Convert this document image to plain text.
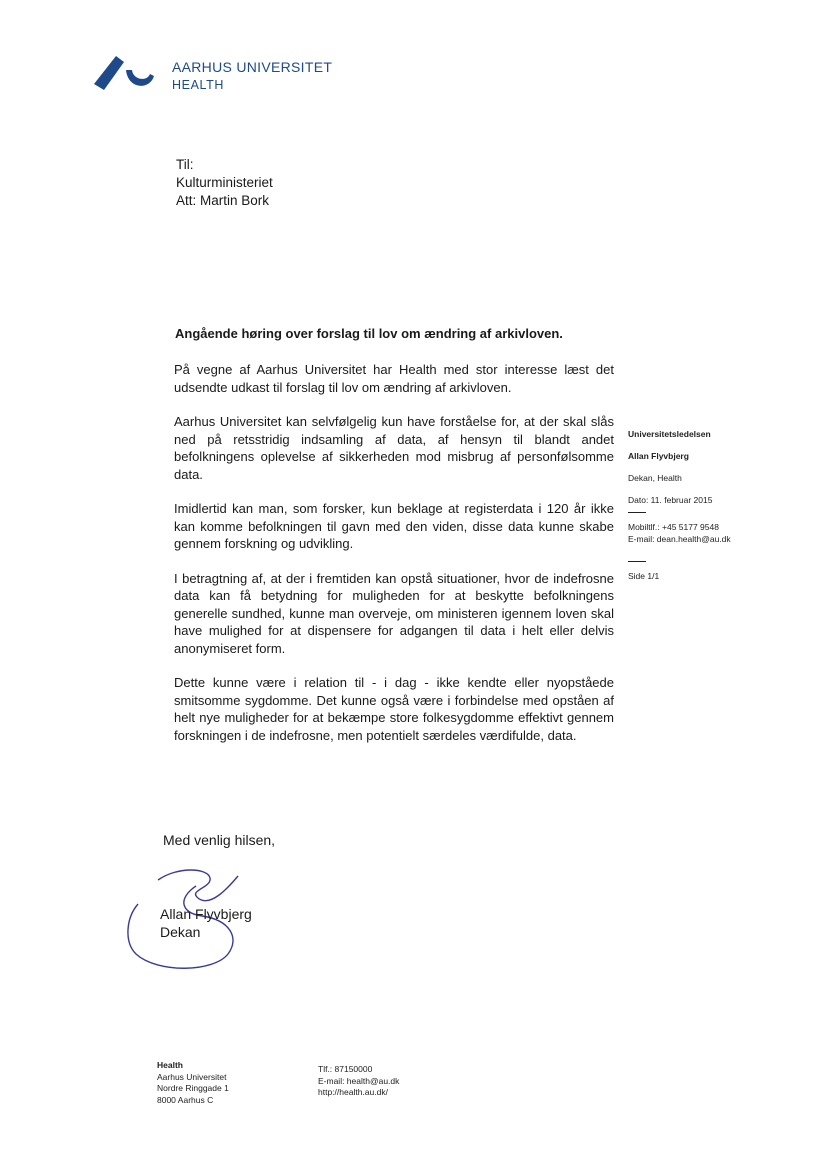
AARHUS UNIVERSITET
HEALTH
Til:
Kulturministeriet
Att: Martin Bork
Angående høring over forslag til lov om ændring af arkivloven.

På vegne af Aarhus Universitet har Health med stor interesse læst det udsendte udkast til forslag til lov om ændring af arkivloven.

Aarhus Universitet kan selvfølgelig kun have forståelse for, at der skal slås ned på retsstridig indsamling af data, af hensyn til blandt andet befolkningens oplevelse af sikkerheden mod misbrug af personfølsomme data.

Imidlertid kan man, som forsker, kun beklage at registerdata i 120 år ikke kan komme befolkningen til gavn med den viden, disse data kunne skabe gennem forskning og udvikling.

I betragtning af, at der i fremtiden kan opstå situationer, hvor de indefrosne data kan få betydning for muligheden for at beskytte befolkningens generelle sundhed, kunne man overveje, om ministeren igennem loven skal have mulighed for at dispensere for adgangen til data i helt eller delvis anonymiseret form.

Dette kunne være i relation til - i dag - ikke kendte eller nyopståede smitsomme sygdomme. Det kunne også være i forbindelse med opståen af helt nye muligheder for at bekæmpe store folkesygdomme effektivt gennem forskningen i de indefrosne, men potentielt særdeles værdifulde, data.

Med venlig hilsen,
Allan Flyvbjerg
Dekan
Universitetsledelsen
Allan Flyvbjerg
Dekan, Health
Dato: 11. februar 2015
Mobiltlf.: +45 5177 9548
E-mail: dean.health@au.dk
Side 1/1
Health
Aarhus Universitet
Nordre Ringgade 1
8000 Aarhus C
Tlf.: 87150000
E-mail: health@au.dk
http://health.au.dk/
